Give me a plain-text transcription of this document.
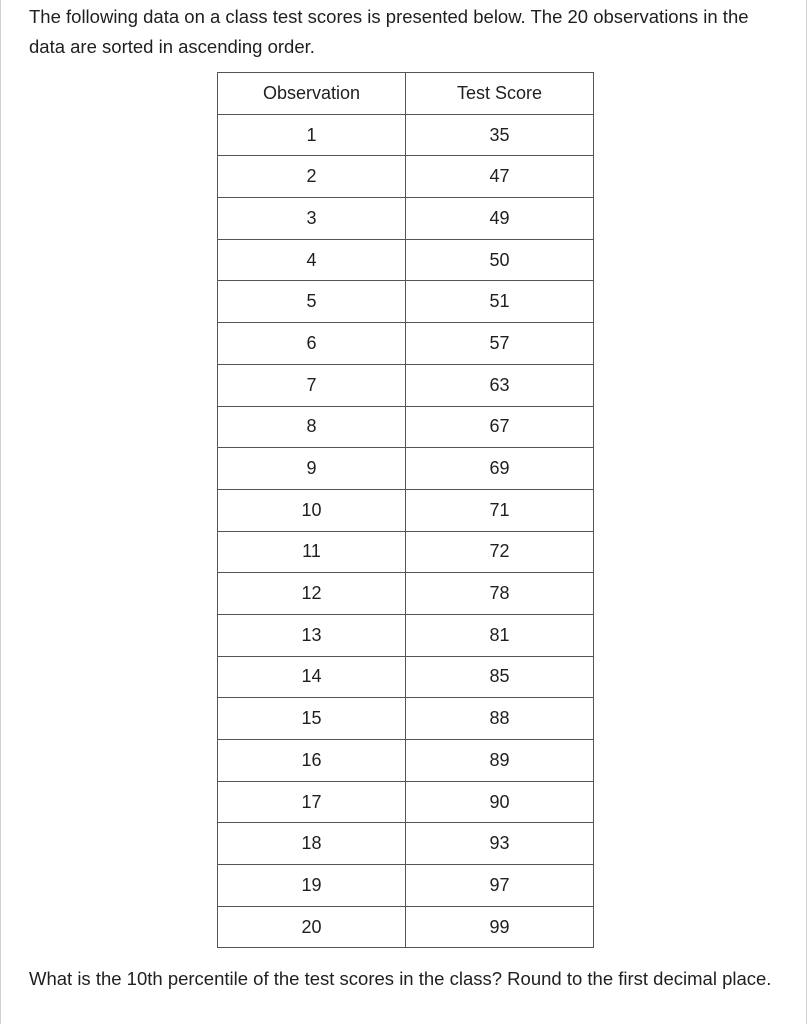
The following data on a class test scores is presented below. The 20 observations in the data are sorted in ascending order.

Observation	Test Score
1	35
2	47
3	49
4	50
5	51
6	57
7	63
8	67
9	69
10	71
11	72
12	78
13	81
14	85
15	88
16	89
17	90
18	93
19	97
20	99

What is the 10th percentile of the test scores in the class? Round to the first decimal place.
